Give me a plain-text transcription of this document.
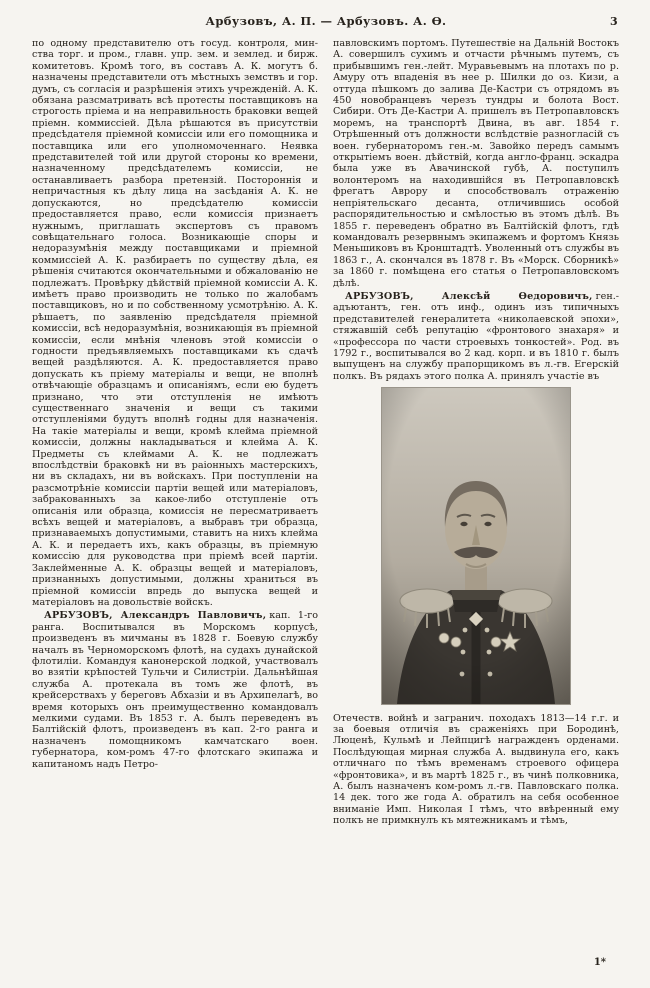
Арбузовъ, А. П. — Арбузовъ. А. Ө.	3

по одному представителю отъ госуд. контроля, мин-ства торг. и пром., главн. упр. зем. и землед. и бирж. комитетовъ. Кромѣ того, въ составъ А. К. могутъ б. назначены представители отъ мѣстныхъ земствъ и гор. думъ, съ согласія и разрѣшенія этихъ учрежденій. А. К. обязана разсматривать всѣ протесты поставщиковъ на строгость пріема и на неправильность браковки вещей пріемн. коммиссіей. Дѣла рѣшаются въ присутствіи предсѣдателя пріемной комиссіи или его помощника и поставщика или его уполномоченнаго. Неявка представителей той или другой стороны ко времени, назначенному предсѣдателемъ комиссіи, не останавливаетъ разбора претензій. Постороннія и непричастныя къ дѣлу лица на засѣданія А. К. не допускаются, но предсѣдателю комиссіи предоставляется право, если комиссія признаетъ нужнымъ, приглашать экспертовъ съ правомъ совѣщательнаго голоса. Возникающіе споры и недоразумѣнія между поставщиками и пріемной коммиссіей А. К. разбираетъ по существу дѣла, ея рѣшенія считаются окончательными и обжалованію не подлежатъ. Провѣрку дѣйствій пріемной комиссіи А. К. имѣетъ право производить не только по жалобамъ поставщиковъ, но и по собственному усмотрѣнію. А. К. рѣшаетъ, по заявленію предсѣдателя пріемной комиссіи, всѣ недоразумѣнія, возникающія въ пріемной комиссіи, если мнѣнія членовъ этой комиссіи о годности предъявляемыхъ поставщиками къ сдачѣ вещей раздѣляются. А. К. предоставляется право допускать къ пріему матеріалы и вещи, не вполнѣ отвѣчающіе образцамъ и описаніямъ, если ею будетъ признано, что эти отступленія не имѣютъ существеннаго значенія и вещи съ такими отступленіями будутъ вполнѣ годны для назначенія. На такіе матеріалы и вещи, кромѣ клейма пріемной комиссіи, должны накладываться и клейма А. К. Предметы съ клеймами А. К. не подлежатъ впослѣдствіи браковкѣ ни въ раіонныхъ мастерскихъ, ни въ складахъ, ни въ войскахъ. При поступленіи на разсмотрѣніе комиссіи партіи вещей или матеріаловъ, забракованныхъ за какое-либо отступленіе отъ описанія или образца, комиссія не пересматриваетъ всѣхъ вещей и матеріаловъ, а выбравъ три образца, признаваемыхъ допустимыми, ставитъ на нихъ клейма А. К. и передаетъ ихъ, какъ образцы, въ пріемную комиссію для руководства при пріемѣ всей партіи. Заклейменные А. К. образцы вещей и матеріаловъ, признанныхъ допустимыми, должны храниться въ пріемной комиссіи впредь до выпуска вещей и матеріаловъ на довольствіе войскъ.

АРБУЗОВЪ, Александръ Павловичъ, кап. 1-го ранга. Воспитывался въ Морскомъ корпусѣ, произведенъ въ мичманы въ 1828 г. Боевую службу началъ въ Черноморскомъ флотѣ, на судахъ дунайской флотиліи. Командуя канонерской лодкой, участвовалъ во взятіи крѣпостей Тульчи и Силистріи. Дальнѣйшая служба А. протекала въ томъ же флотѣ, въ крейсерствахъ у береговъ Абхазіи и въ Архипелагѣ, во время которыхъ онъ преимущественно командовалъ мелкими судами. Въ 1853 г. А. былъ переведенъ въ Балтійскій флотъ, произведенъ въ кап. 2-го ранга и назначенъ помощникомъ камчатскаго воен. губернатора, ком-ромъ 47-го флотскаго экипажа и капитаномъ надъ Петро-

павловскимъ портомъ. Путешествіе на Дальній Востокъ А. совершилъ сухимъ и отчасти рѣчнымъ путемъ, съ прибывшимъ ген.-лейт. Муравьевымъ на плотахъ по р. Амуру отъ впаденія въ нее р. Шилки до оз. Кизи, а оттуда пѣшкомъ до залива Де-Кастри съ отрядомъ въ 450 новобранцевъ черезъ тундры и болота Вост. Сибири. Отъ Де-Кастри А. пришелъ въ Петропавловскъ моремъ, на транспортѣ Двина, въ авг. 1854 г. Отрѣшенный отъ должности вслѣдствіе разногласій съ воен. губернаторомъ ген.-м. Завойко передъ самымъ открытіемъ воен. дѣйствій, когда англо-франц. эскадра была уже въ Авачинской губѣ, А. поступилъ волонтеромъ на находившійся въ Петропавловскѣ фрегатъ Аврору и способствовалъ отраженію непріятельскаго десанта, отличившись особой распорядительностью и смѣлостью въ этомъ дѣлѣ. Въ 1855 г. переведенъ обратно въ Балтійскій флотъ, гдѣ командовалъ резервнымъ экипажемъ и фортомъ Князь Меньшиковъ въ Кронштадтѣ. Уволенный отъ службы въ 1863 г., А. скончался въ 1878 г. Въ «Морск. Сборникѣ» за 1860 г. помѣщена его статья о Петропавловскомъ дѣлѣ.

АРБУЗОВЪ, Алексѣй Өедоровичъ, ген.-адъютантъ, ген. отъ инф., одинъ изъ типичныхъ представителей генералитета «николаевской эпохи», стяжавшій себѣ репутацію «фронтового знахаря» и «профессора по части строевыхъ тонкостей». Род. въ 1792 г., воспитывался во 2 кад. корп. и въ 1810 г. былъ выпущенъ на службу прапорщикомъ въ л.-гв. Егерскій полкъ. Въ рядахъ этого полка А. принялъ участіе въ

Отечеств. войнѣ и загранич. походахъ 1813—14 г.г. и за боевыя отличія въ сраженіяхъ при Бородинѣ, Люценѣ, Кульмѣ и Лейпцигѣ награжденъ орденами. Послѣдующая мирная служба А. выдвинула его, какъ отличнаго по тѣмъ временамъ строевого офицера «фронтовика», и въ мартѣ 1825 г., въ чинѣ полковника, А. былъ назначенъ ком-ромъ л.-гв. Павловскаго полка. 14 дек. того же года А. обратилъ на себя особенное вниманіе Имп. Николая I тѣмъ, что ввѣренный ему полкъ не примкнулъ къ мятежникамъ и тѣмъ,

1*
